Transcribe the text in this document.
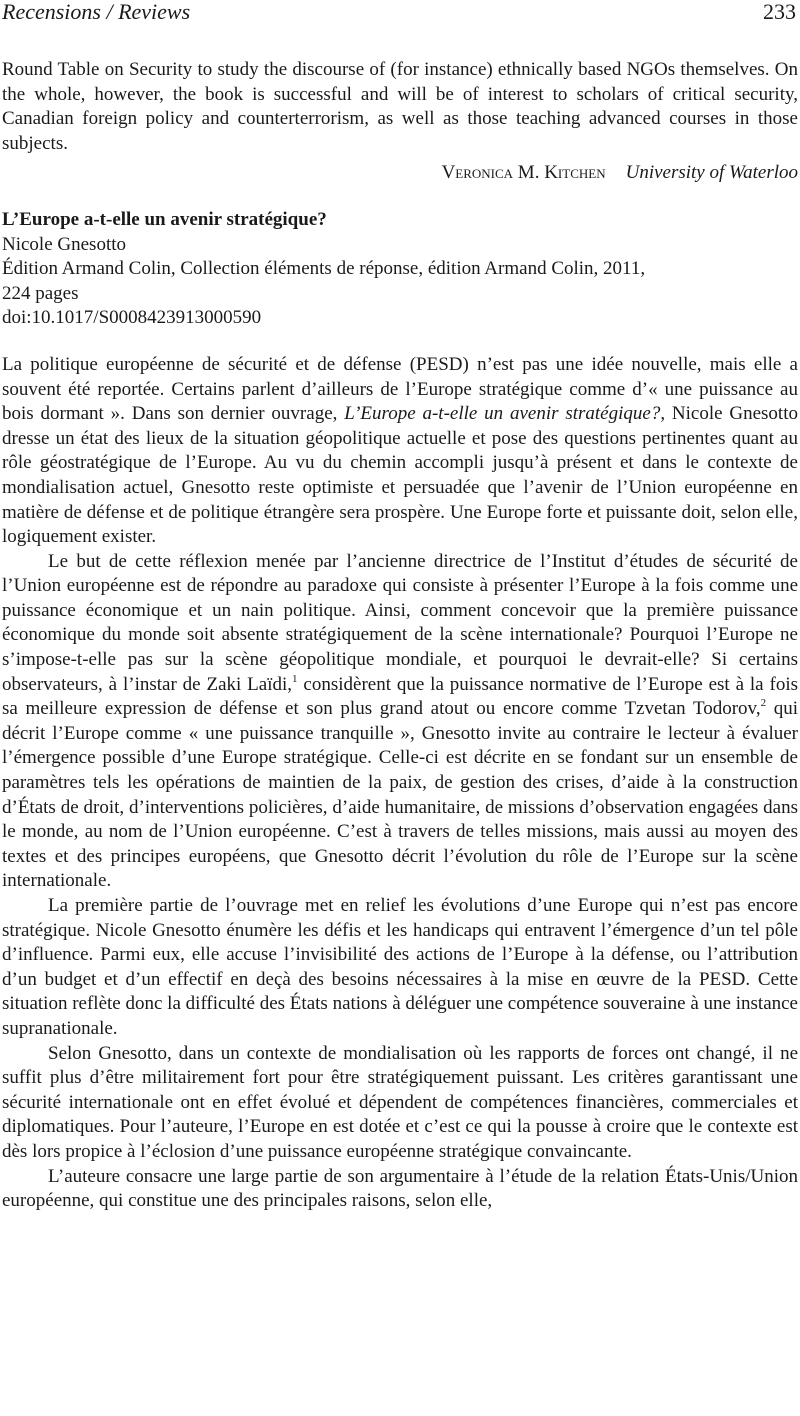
Recensions / Reviews	233

Round Table on Security to study the discourse of (for instance) ethnically based NGOs themselves. On the whole, however, the book is successful and will be of interest to scholars of critical security, Canadian foreign policy and counterterrorism, as well as those teaching advanced courses in those subjects.

Veronica M. Kitchen University of Waterloo

L’Europe a-t-elle un avenir stratégique?

Nicole Gnesotto
Édition Armand Colin, Collection éléments de réponse, édition Armand Colin, 2011,
224 pages
doi:10.1017/S0008423913000590

La politique européenne de sécurité et de défense (PESD) n’est pas une idée nouvelle, mais elle a souvent été reportée. Certains parlent d’ailleurs de l’Europe stratégique comme d’« une puissance au bois dormant ». Dans son dernier ouvrage, L’Europe a-t-elle un avenir stratégique?, Nicole Gnesotto dresse un état des lieux de la situation géopolitique actuelle et pose des questions pertinentes quant au rôle géostratégique de l’Europe. Au vu du chemin accompli jusqu’à présent et dans le contexte de mondialisation actuel, Gnesotto reste optimiste et persuadée que l’avenir de l’Union européenne en matière de défense et de politique étrangère sera prospère. Une Europe forte et puissante doit, selon elle, logiquement exister.

Le but de cette réflexion menée par l’ancienne directrice de l’Institut d’études de sécurité de l’Union européenne est de répondre au paradoxe qui consiste à présenter l’Europe à la fois comme une puissance économique et un nain politique. Ainsi, comment concevoir que la première puissance économique du monde soit absente stratégiquement de la scène internationale? Pourquoi l’Europe ne s’impose-t-elle pas sur la scène géopolitique mondiale, et pourquoi le devrait-elle? Si certains observateurs, à l’instar de Zaki Laïdi,$^1$ considèrent que la puissance normative de l’Europe est à la fois sa meilleure expression de défense et son plus grand atout ou encore comme Tzvetan Todorov,$^2$ qui décrit l’Europe comme « une puissance tranquille », Gnesotto invite au contraire le lecteur à évaluer l’émergence possible d’une Europe stratégique. Celle-ci est décrite en se fondant sur un ensemble de paramètres tels les opérations de maintien de la paix, de gestion des crises, d’aide à la construction d’États de droit, d’interventions policières, d’aide humanitaire, de missions d’observation engagées dans le monde, au nom de l’Union européenne. C’est à travers de telles missions, mais aussi au moyen des textes et des principes européens, que Gnesotto décrit l’évolution du rôle de l’Europe sur la scène internationale.

La première partie de l’ouvrage met en relief les évolutions d’une Europe qui n’est pas encore stratégique. Nicole Gnesotto énumère les défis et les handicaps qui entravent l’émergence d’un tel pôle d’influence. Parmi eux, elle accuse l’invisibilité des actions de l’Europe à la défense, ou l’attribution d’un budget et d’un effectif en deçà des besoins nécessaires à la mise en œuvre de la PESD. Cette situation reflète donc la difficulté des États nations à déléguer une compétence souveraine à une instance supranationale.

Selon Gnesotto, dans un contexte de mondialisation où les rapports de forces ont changé, il ne suffit plus d’être militairement fort pour être stratégiquement puissant. Les critères garantissant une sécurité internationale ont en effet évolué et dépendent de compétences financières, commerciales et diplomatiques. Pour l’auteure, l’Europe en est dotée et c’est ce qui la pousse à croire que le contexte est dès lors propice à l’éclosion d’une puissance européenne stratégique convaincante.

L’auteure consacre une large partie de son argumentaire à l’étude de la relation États-Unis/Union européenne, qui constitue une des principales raisons, selon elle,
